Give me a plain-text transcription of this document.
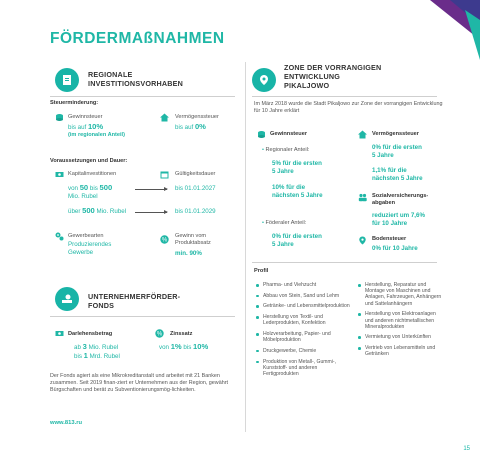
FÖRDERMAßNAHMEN
REGIONALE
INVESTITIONSVORHABEN
Steuerminderung:
Gewinnsteuer
bis auf 10%
(im regionalen Anteil)
Vermögenssteuer
bis auf 0%
Voraussetzungen und Dauer:
Kapitalinvestitionen	Gültigkeitsdauer
von 50 bis 500
Mio. Rubel
bis 01.01.2027
über 500 Mio. Rubel	bis 01.01.2029
Gewerbearten
Produzierendes
Gewerbe
%
Gewinn vom
Produktabsatz
min. 90%
UNTERNEHMERFÖRDER-
FONDS
Darlehensbetrag
ab 3 Mio. Rubel
bis 1 Mrd. Rubel
% Zinssatz
von 1% bis 10%
Der Fonds agiert als eine Mikrokreditanstalt und arbeitet mit 21 Banken zusammen. Seit 2019 finan-ziert er Unternehmen aus der Region, gewährt Bürgschaften und berät zu Subventionierungsmög-lichkeiten.
www.813.ru
ZONE DER VORRANGIGEN
ENTWICKLUNG
PIKALJOWO
Im März 2018 wurde die Stadt Pikaljowo zur Zone der vorrangigen Entwicklung für 10 Jahre erklärt
Gewinnsteuer
• Regionaler Anteil:
5% für die ersten
5 Jahre
10% für die
nächsten 5 Jahre
• Föderaler Anteil:
0% für die ersten
5 Jahre
Vermögenssteuer
0% für die ersten
5 Jahre
1,1% für die
nächsten 5 Jahre
Sozialversicherungs-
abgaben
reduziert um 7,6%
für 10 Jahre
Bodensteuer
0% für 10 Jahre
Profil
Pharma- und Viehzucht
Abbau von Stein, Sand und Lehm
Getränke- und Lebensmittelproduktion
Herstellung von Textil- und Lederprodukten, Konfektion
Holzverarbeitung, Papier- und Möbelproduktion
Druckgewerbe, Chemie
Produktion von Metall-, Gummi-, Kunststoff- und anderen Fertigprodukten
Herstellung, Reparatur und Montage von Maschinen und Anlagen, Fahrzeugen, Anhängern und Sattelanhängern
Herstellung von Elektroanlagen und anderen nichtmetallischen Mineralprodukten
Vermietung von Unterkünften
Vertrieb von Lebensmitteln und Getränken
15
